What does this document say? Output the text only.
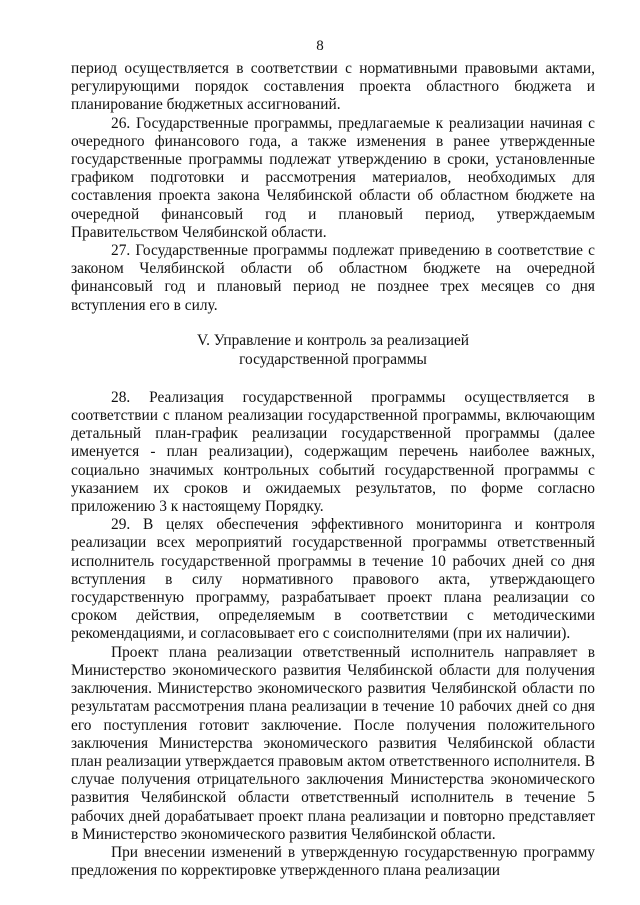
8

период осуществляется в соответствии с нормативными правовыми актами, регулирующими порядок составления проекта областного бюджета и планирование бюджетных ассигнований.

26. Государственные программы, предлагаемые к реализации начиная с очередного финансового года, а также изменения в ранее утвержденные государственные программы подлежат утверждению в сроки, установленные графиком подготовки и рассмотрения материалов, необходимых для составления проекта закона Челябинской области об областном бюджете на очередной финансовый год и плановый период, утверждаемым Правительством Челябинской области.

27. Государственные программы подлежат приведению в соответствие с законом Челябинской области об областном бюджете на очередной финансовый год и плановый период не позднее трех месяцев со дня вступления его в силу.

V. Управление и контроль за реализацией
государственной программы

28. Реализация государственной программы осуществляется в соответствии с планом реализации государственной программы, включающим детальный план-график реализации государственной программы (далее именуется - план реализации), содержащим перечень наиболее важных, социально значимых контрольных событий государственной программы с указанием их сроков и ожидаемых результатов, по форме согласно приложению 3 к настоящему Порядку.

29. В целях обеспечения эффективного мониторинга и контроля реализации всех мероприятий государственной программы ответственный исполнитель государственной программы в течение 10 рабочих дней со дня вступления в силу нормативного правового акта, утверждающего государственную программу, разрабатывает проект плана реализации со сроком действия, определяемым в соответствии с методическими рекомендациями, и согласовывает его с соисполнителями (при их наличии).

Проект плана реализации ответственный исполнитель направляет в Министерство экономического развития Челябинской области для получения заключения. Министерство экономического развития Челябинской области по результатам рассмотрения плана реализации в течение 10 рабочих дней со дня его поступления готовит заключение. После получения положительного заключения Министерства экономического развития Челябинской области план реализации утверждается правовым актом ответственного исполнителя. В случае получения отрицательного заключения Министерства экономического развития Челябинской области ответственный исполнитель в течение 5 рабочих дней дорабатывает проект плана реализации и повторно представляет в Министерство экономического развития Челябинской области.

При внесении изменений в утвержденную государственную программу предложения по корректировке утвержденного плана реализации
